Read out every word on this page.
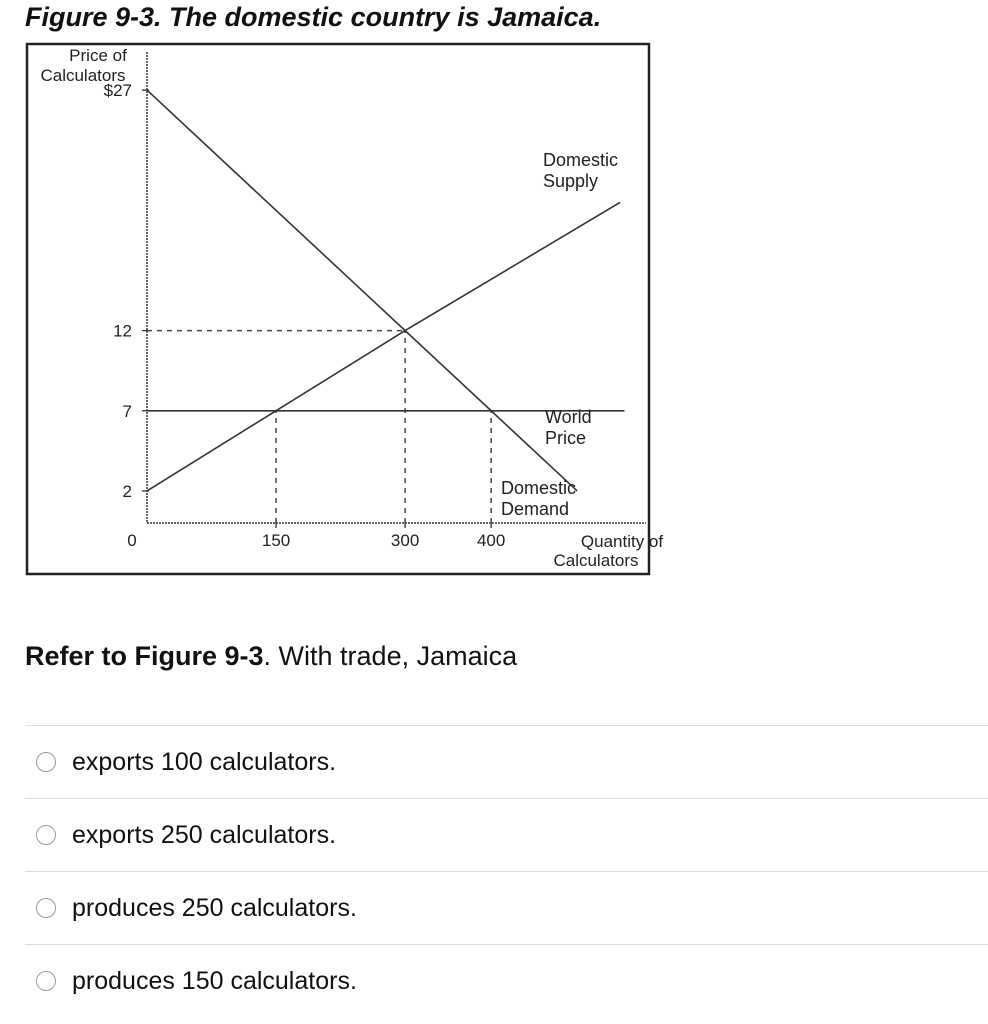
Figure 9-3. The domestic country is Jamaica.
Price of
Calculators
Quantity of
Calculators
2
7
12
$27
0	150	300	400
Domestic
Demand
Domestic
Supply
World
Price
Refer to Figure 9-3. With trade, Jamaica
exports 100 calculators.
exports 250 calculators.
produces 250 calculators.
produces 150 calculators.
